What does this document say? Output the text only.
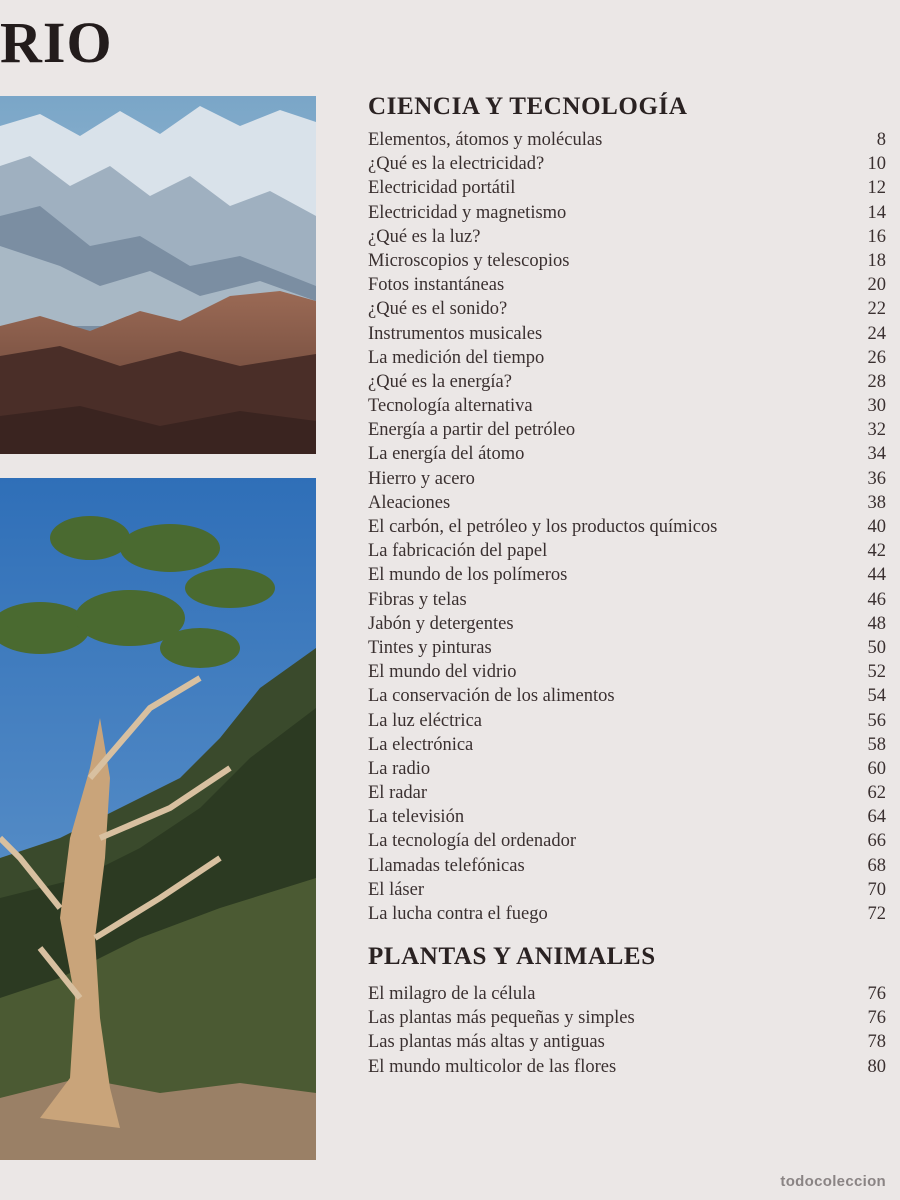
RIO
CIENCIA Y TECNOLOGÍA
Elementos, átomos y moléculas	8
¿Qué es la electricidad?	10
Electricidad portátil	12
Electricidad y magnetismo	14
¿Qué es la luz?	16
Microscopios y telescopios	18
Fotos instantáneas	20
¿Qué es el sonido?	22
Instrumentos musicales	24
La medición del tiempo	26
¿Qué es la energía?	28
Tecnología alternativa	30
Energía a partir del petróleo	32
La energía del átomo	34
Hierro y acero	36
Aleaciones	38
El carbón, el petróleo y los productos químicos	40
La fabricación del papel	42
El mundo de los polímeros	44
Fibras y telas	46
Jabón y detergentes	48
Tintes y pinturas	50
El mundo del vidrio	52
La conservación de los alimentos	54
La luz eléctrica	56
La electrónica	58
La radio	60
El radar	62
La televisión	64
La tecnología del ordenador	66
Llamadas telefónicas	68
El láser	70
La lucha contra el fuego	72
PLANTAS Y ANIMALES
El milagro de la célula	76
Las plantas más pequeñas y simples	76
Las plantas más altas y antiguas	78
El mundo multicolor de las flores	80
todocoleccion
